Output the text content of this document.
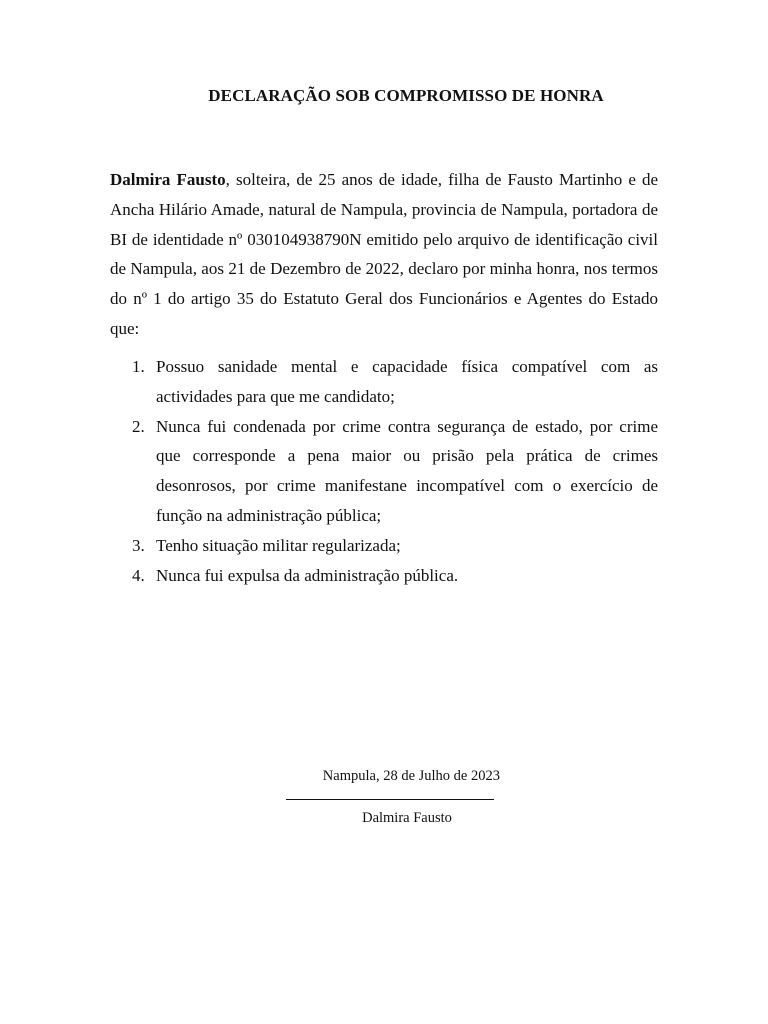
DECLARAÇÃO SOB COMPROMISSO DE HONRA

Dalmira Fausto, solteira, de 25 anos de idade, filha de Fausto Martinho e de Ancha Hilário Amade, natural de Nampula, provincia de Nampula, portadora de BI de identidade nº 030104938790N emitido pelo arquivo de identificação civil de Nampula, aos 21 de Dezembro de 2022, declaro por minha honra, nos termos do nº 1 do artigo 35 do Estatuto Geral dos Funcionários e Agentes do Estado que:

1. Possuo sanidade mental e capacidade física compatível com as actividades para que me candidato;
2. Nunca fui condenada por crime contra segurança de estado, por crime que corresponde a pena maior ou prisão pela prática de crimes desonrosos, por crime manifestane incompatível com o exercício de função na administração pública;
3. Tenho situação militar regularizada;
4. Nunca fui expulsa da administração pública.
Nampula, 28 de Julho de 2023
Dalmira Fausto
